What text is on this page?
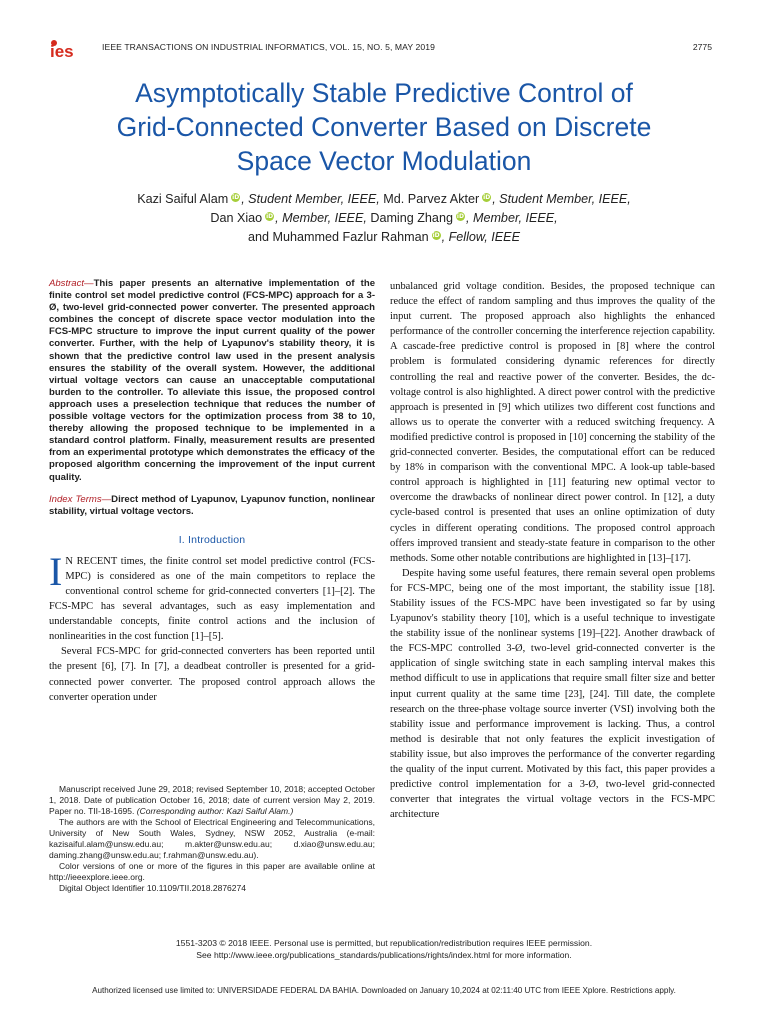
ies	IEEE TRANSACTIONS ON INDUSTRIAL INFORMATICS, VOL. 15, NO. 5, MAY 2019	2775
Asymptotically Stable Predictive Control of
Grid-Connected Converter Based on Discrete
Space Vector Modulation
Kazi Saiful Alam iD , Student Member, IEEE, Md. Parvez Akter iD , Student Member, IEEE,
Dan Xiao iD , Member, IEEE, Daming Zhang iD , Member, IEEE,
and Muhammed Fazlur Rahman iD , Fellow, IEEE

Abstract—This paper presents an alternative implementation of the finite control set model predictive control (FCS-MPC) approach for a 3-Ø, two-level grid-connected power converter. The presented approach combines the concept of discrete space vector modulation into the FCS-MPC structure to improve the input current quality of the power converter. Further, with the help of Lyapunov's stability theory, it is shown that the predictive control law used in the present analysis ensures the stability of the overall system. However, the additional virtual voltage vectors can cause an unacceptable computational burden to the controller. To alleviate this issue, the proposed control approach uses a preselection technique that reduces the number of possible voltage vectors for the optimization process from 38 to 10, thereby allowing the proposed technique to be implemented in a standard control platform. Finally, measurement results are presented from an experimental prototype which demonstrates the efficacy of the proposed algorithm concerning the improvement of the input current quality.

Index Terms—Direct method of Lyapunov, Lyapunov function, nonlinear stability, virtual voltage vectors.

I. Introduction

I N RECENT times, the finite control set model predictive control (FCS-MPC) is considered as one of the main competitors to replace the conventional control scheme for grid-connected converters [1]–[2]. The FCS-MPC has several advantages, such as easy implementation and understandable concepts, finite control actions and the inclusion of nonlinearities in the cost function [1]–[5].

Several FCS-MPC for grid-connected converters has been reported until the present [6], [7]. In [7], a deadbeat controller is presented for a grid-connected power converter. The proposed control approach allows the converter operation under

Manuscript received June 29, 2018; revised September 10, 2018; accepted October 1, 2018. Date of publication October 16, 2018; date of current version May 2, 2019. Paper no. TII-18-1695. (Corresponding author: Kazi Saiful Alam.)

The authors are with the School of Electrical Engineering and Telecommunications, University of New South Wales, Sydney, NSW 2052, Australia (e-mail: kazisaiful.alam@unsw.edu.au; m.akter@unsw.edu.au; d.xiao@unsw.edu.au; daming.zhang@unsw.edu.au; f.rahman@unsw.edu.au).

Color versions of one or more of the figures in this paper are available online at http://ieeexplore.ieee.org.

Digital Object Identifier 10.1109/TII.2018.2876274

unbalanced grid voltage condition. Besides, the proposed technique can reduce the effect of random sampling and thus improves the quality of the input current. The proposed approach also highlights the enhanced performance of the controller concerning the interference rejection capability. A cascade-free predictive control is proposed in [8] where the control problem is formulated considering dynamic references for directly controlling the real and reactive power of the converter. Besides, the dc-voltage control is also highlighted. A direct power control with the predictive approach is presented in [9] which utilizes two different cost functions and allows us to operate the converter with a reduced switching frequency. A modified predictive control is proposed in [10] concerning the stability of the grid-connected converter. Besides, the computational effort can be reduced by 18% in comparison with the conventional MPC. A look-up table-based control approach is highlighted in [11] featuring new optimal vector to overcome the drawbacks of nonlinear direct power control. In [12], a duty cycle-based control is presented that uses an online optimization of duty cycles in different operating conditions. The proposed control approach offers improved transient and steady-state feature in comparison to the other methods. Some other notable contributions are highlighted in [13]–[17].

Despite having some useful features, there remain several open problems for FCS-MPC, being one of the most important, the stability issue [18]. Stability issues of the FCS-MPC have been investigated so far by using Lyapunov's stability theory [10], which is a useful technique to investigate the stability issue of the nonlinear systems [19]–[22]. Another drawback of the FCS-MPC controlled 3-Ø, two-level grid-connected converter is the application of single switching state in each sampling interval makes this method difficult to use in applications that require small filter size and better input current quality at the same time [23], [24]. Till date, the complete research on the three-phase voltage source inverter (VSI) involving both the stability issue and performance improvement is lacking. Thus, a control method is desirable that not only features the explicit investigation of stability issue, but also improves the performance of the converter regarding the quality of the input current. Motivated by this fact, this paper provides a predictive control implementation for a 3-Ø, two-level grid-connected converter that integrates the virtual voltage vectors in the FCS-MPC architecture

1551-3203 © 2018 IEEE. Personal use is permitted, but republication/redistribution requires IEEE permission.
See http://www.ieee.org/publications_standards/publications/rights/index.html for more information.
Authorized licensed use limited to: UNIVERSIDADE FEDERAL DA BAHIA. Downloaded on January 10,2024 at 02:11:40 UTC from IEEE Xplore. Restrictions apply.
